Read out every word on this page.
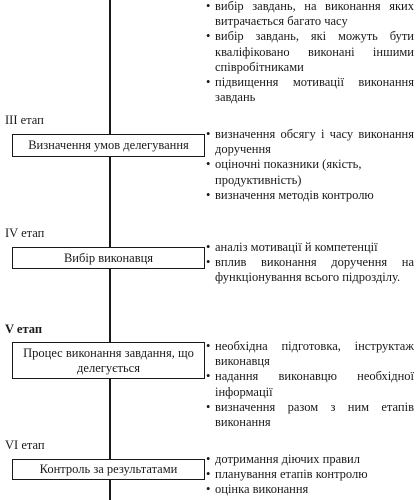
• вибір завдань, на виконання яких витрачається багато часу
• вибір завдань, які можуть бути кваліфіковано виконані іншими співробітниками
• підвищення мотивації виконання завдань
III етап
Визначення умов делегування
• визначення обсягу і часу виконання доручення
• оціночні показники (якість, продуктивність)
• визначення методів контролю
IV етап
Вибір виконавця
• аналіз мотивації й компетенції
• вплив виконання доручення на функціонування всього підрозділу.
V етап
Процес виконання завдання, що делегується
• необхідна підготовка, інструктаж виконавця
• надання виконавцю необхідної інформації
• визначення разом з ним етапів виконання
VI етап
Контроль за результатами
• дотримання діючих правил
• планування етапів контролю
• оцінка виконання
